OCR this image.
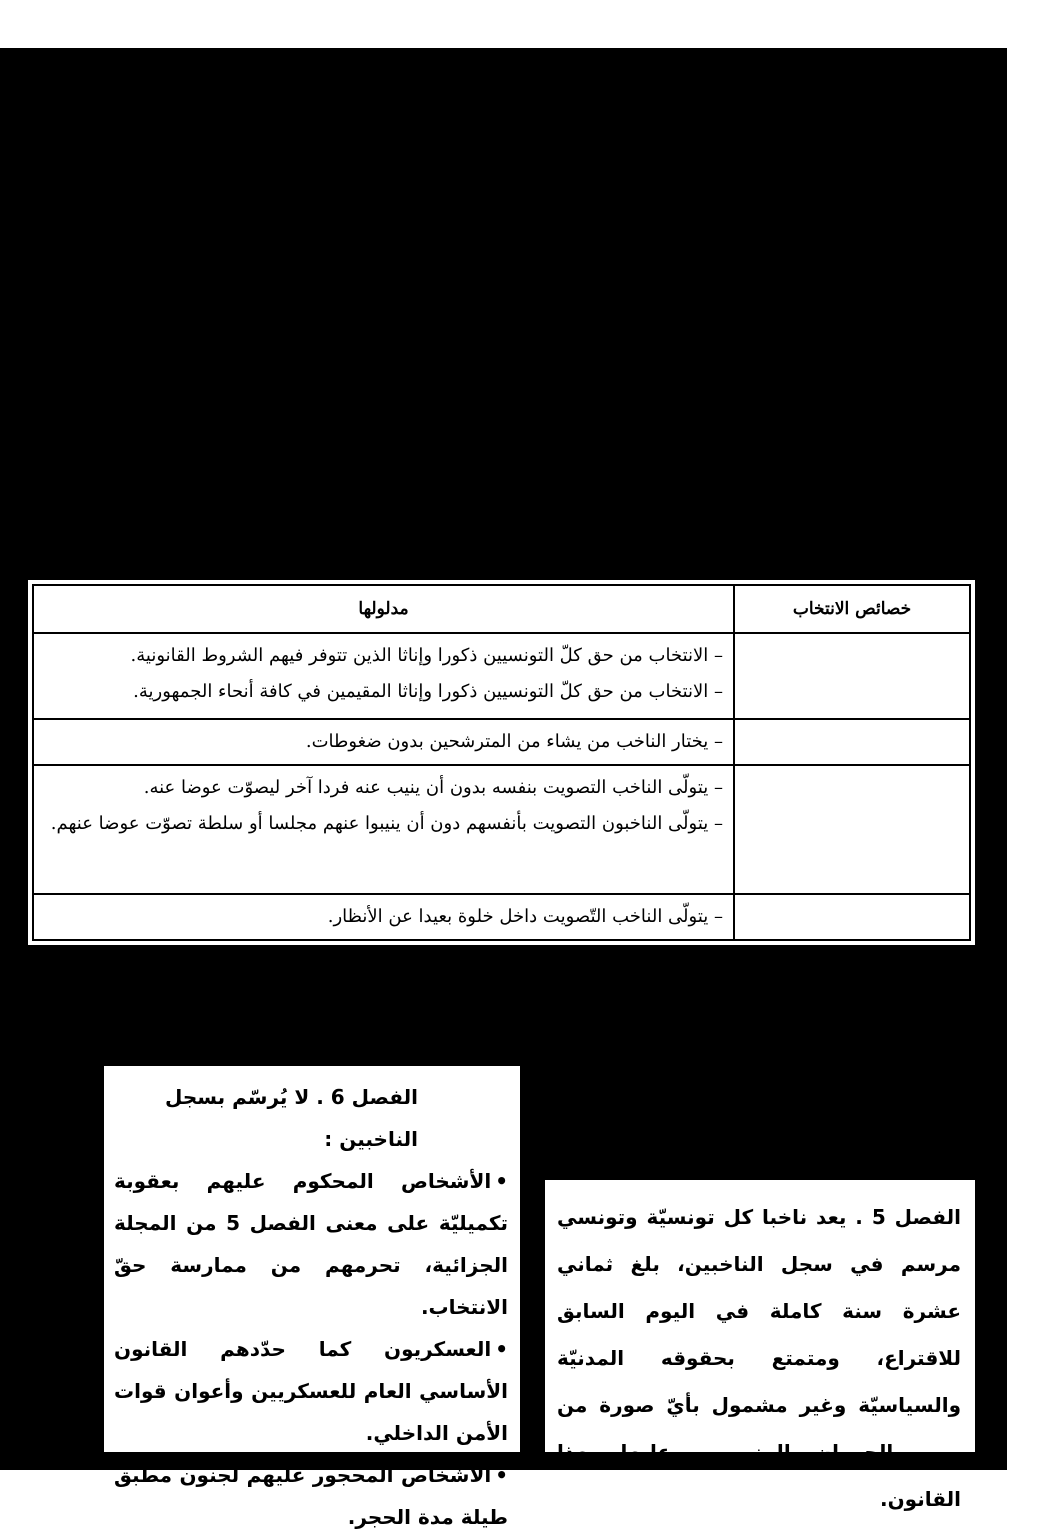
خصائص الانتخاب	مدلولها

	– الانتخاب من حق كلّ التونسيين ذكورا وإناثا الذين تتوفر فيهم الشروط القانونية.

– الانتخاب من حق كلّ التونسيين ذكورا وإناثا المقيمين في كافة أنحاء الجمهورية.

	– يختار الناخب من يشاء من المترشحين بدون ضغوطات.

	– يتولّى الناخب التصويت بنفسه بدون أن ينيب عنه فردا آخر ليصوّت عوضا عنه.

– يتولّى الناخبون التصويت بأنفسهم دون أن ينيبوا عنهم مجلسا أو سلطة تصوّت عوضا عنهم.

	– يتولّى الناخب التّصويت داخل خلوة بعيدا عن الأنظار.

الفصل 6 . لا يُرسّم بسجل الناخبين :

•الأشخاص المحكوم عليهم بعقوبة تكميليّة على معنى الفصل 5 من المجلة الجزائية، تحرمهم من ممارسة حقّ الانتخاب.

•العسكريون كما حدّدهم القانون الأساسي العام للعسكريين وأعوان قوات الأمن الداخلي.

•الأشخاص المحجور عليهم لجنون مطبق طيلة مدة الحجر.

الفصل 5 . يعد ناخبا كل تونسيّة وتونسي مرسم في سجل الناخبين، بلغ ثماني عشرة سنة كاملة في اليوم السابق للاقتراع، ومتمتع بحقوقه المدنيّة والسياسيّة وغير مشمول بأيّ صورة من صور الحرمان المنصوص عليها بهذا القانون.
